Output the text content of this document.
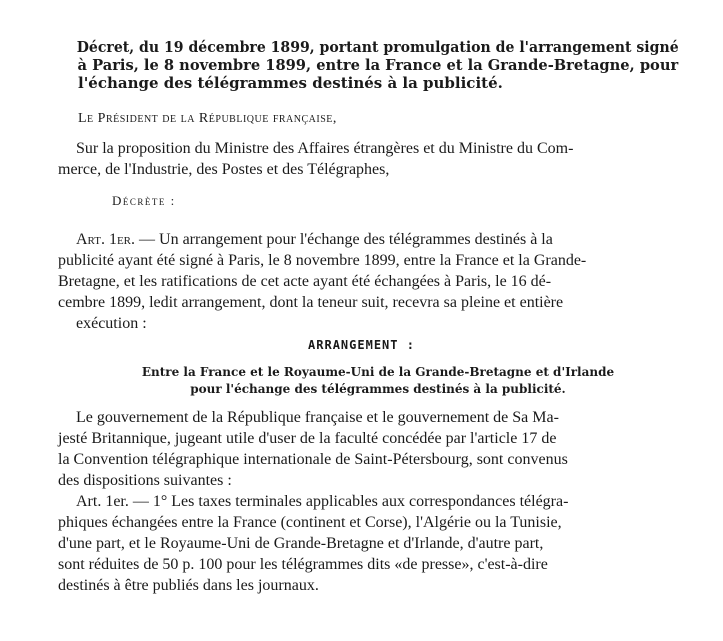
Décret, du 19 décembre 1899, portant promulgation de l'arrangement signé
à Paris, le 8 novembre 1899, entre la France et la Grande-Bretagne, pour
l'échange des télégrammes destinés à la publicité.
Le Président de la République française,
Sur la proposition du Ministre des Affaires étrangères et du Ministre du Com-
merce, de l'Industrie, des Postes et des Télégraphes,
Décrète :
Art. 1er. — Un arrangement pour l'échange des télégrammes destinés à la
publicité ayant été signé à Paris, le 8 novembre 1899, entre la France et la Grande-
Bretagne, et les ratifications de cet acte ayant été échangées à Paris, le 16 dé-
cembre 1899, ledit arrangement, dont la teneur suit, recevra sa pleine et entière
exécution :
ARRANGEMENT :
Entre la France et le Royaume-Uni de la Grande-Bretagne et d'Irlande
pour l'échange des télégrammes destinés à la publicité.
Le gouvernement de la République française et le gouvernement de Sa Ma-
jesté Britannique, jugeant utile d'user de la faculté concédée par l'article 17 de
la Convention télégraphique internationale de Saint-Pétersbourg, sont convenus
des dispositions suivantes :
Art. 1er. — 1° Les taxes terminales applicables aux correspondances télégra-
phiques échangées entre la France (continent et Corse), l'Algérie ou la Tunisie,
d'une part, et le Royaume-Uni de Grande-Bretagne et d'Irlande, d'autre part,
sont réduites de 50 p. 100 pour les télégrammes dits «de presse», c'est-à-dire
destinés à être publiés dans les journaux.
